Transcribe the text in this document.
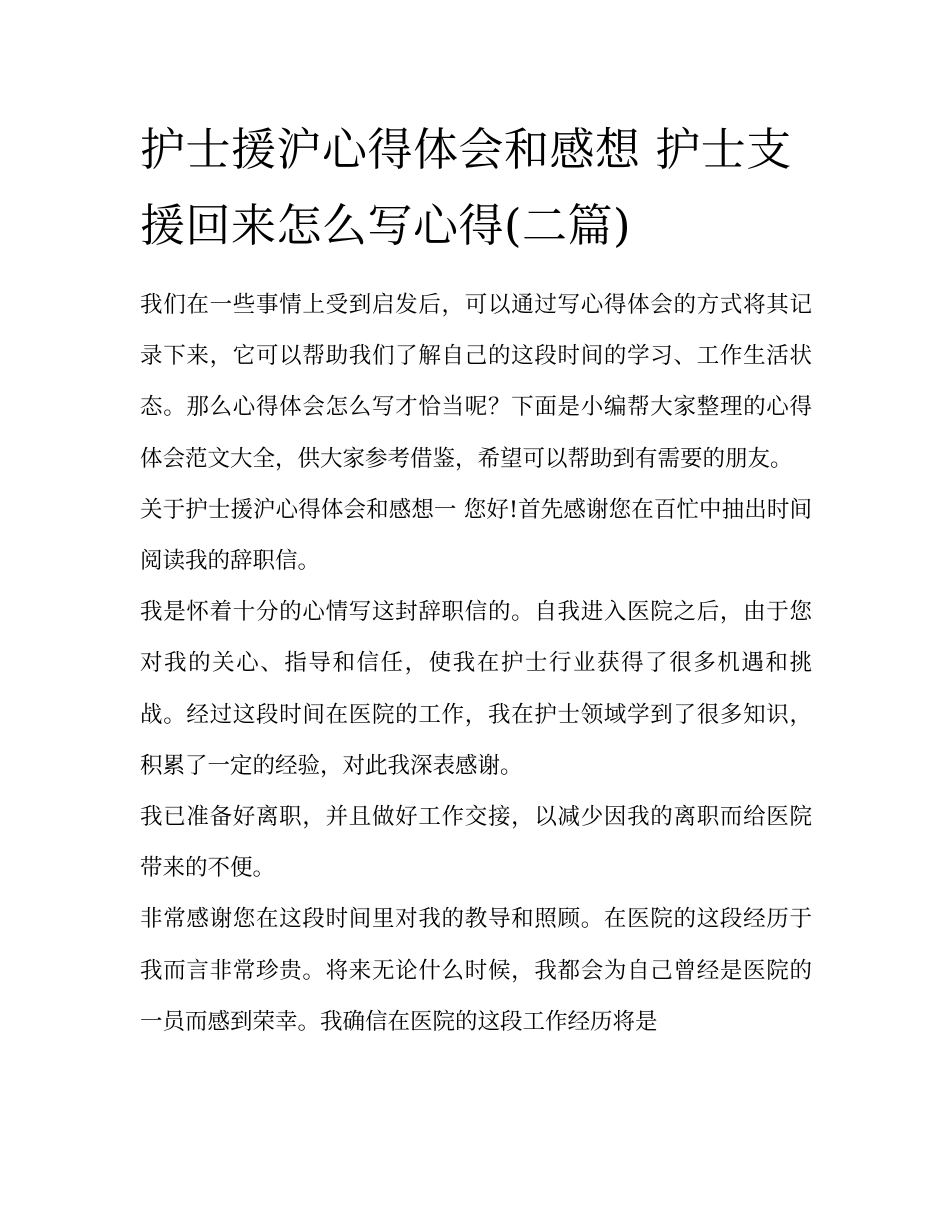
护士援沪心得体会和感想 护士支援回来怎么写心得(二篇)

我们在一些事情上受到启发后，可以通过写心得体会的方式将其记录下来，它可以帮助我们了解自己的这段时间的学习、工作生活状态。那么心得体会怎么写才恰当呢？下面是小编帮大家整理的心得体会范文大全，供大家参考借鉴，希望可以帮助到有需要的朋友。

关于护士援沪心得体会和感想一 您好!首先感谢您在百忙中抽出时间阅读我的辞职信。

我是怀着十分的心情写这封辞职信的。自我进入医院之后，由于您对我的关心、指导和信任，使我在护士行业获得了很多机遇和挑战。经过这段时间在医院的工作，我在护士领域学到了很多知识，积累了一定的经验，对此我深表感谢。

我已准备好离职，并且做好工作交接，以减少因我的离职而给医院带来的不便。

非常感谢您在这段时间里对我的教导和照顾。在医院的这段经历于我而言非常珍贵。将来无论什么时候，我都会为自己曾经是医院的一员而感到荣幸。我确信在医院的这段工作经历将是
